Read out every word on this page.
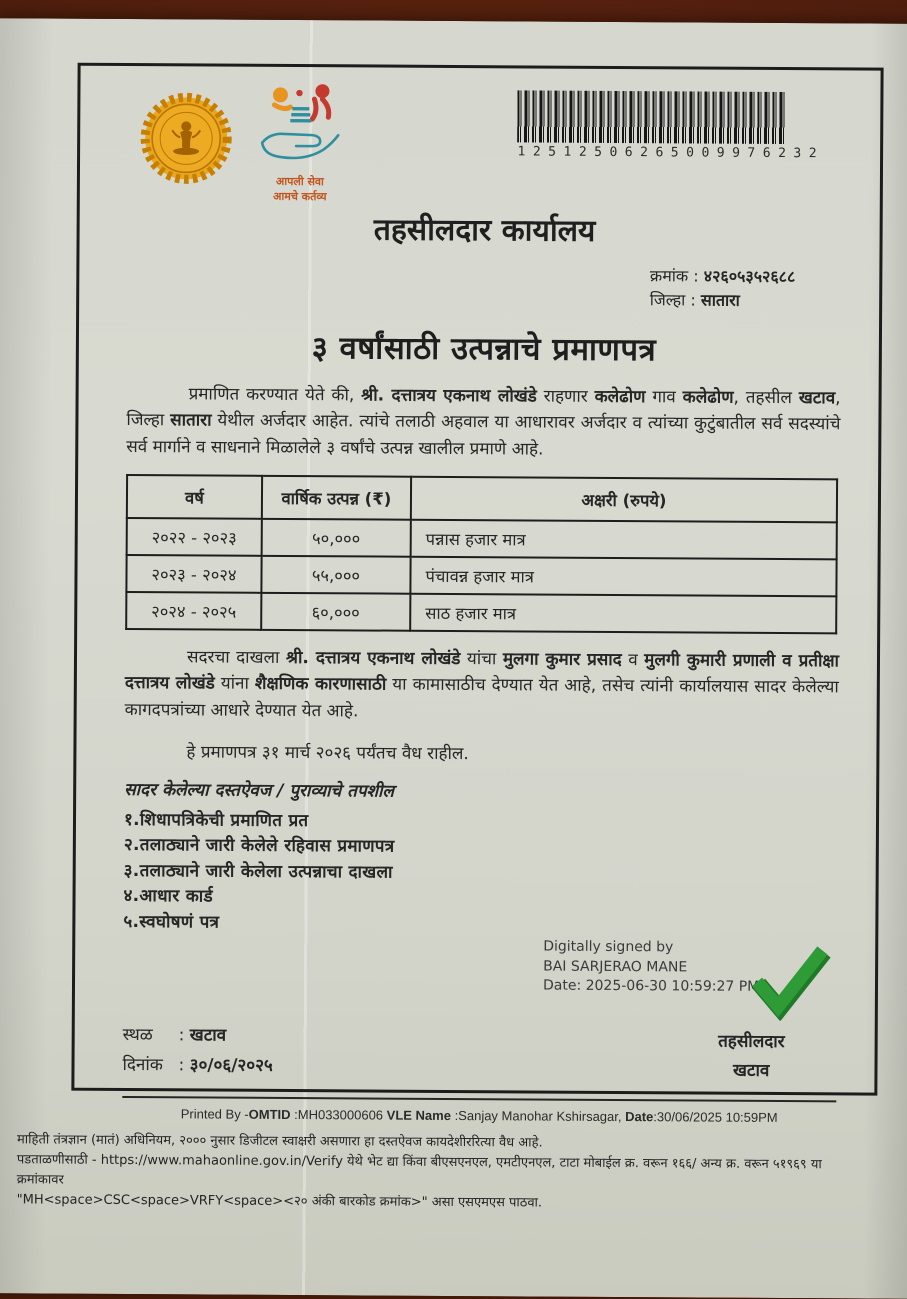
आपली सेवा
आमचे कर्तव्य
12512506265009976232
तहसीलदार कार्यालय
क्रमांक : ४२६०५३५२६८८
जिल्हा : सातारा
३ वर्षांसाठी उत्पन्नाचे प्रमाणपत्र
प्रमाणित करण्यात येते की, श्री. दत्तात्रय एकनाथ लोखंडे राहणार कलेढोण गाव कलेढोण, तहसील खटाव, जिल्हा सातारा येथील अर्जदार आहेत. त्यांचे तलाठी अहवाल या आधारावर अर्जदार व त्यांच्या कुटुंबातील सर्व सदस्यांचे सर्व मार्गाने व साधनाने मिळालेले ३ वर्षांचे उत्पन्न खालील प्रमाणे आहे.
वर्ष	वार्षिक उत्पन्न (₹)	अक्षरी (रुपये)
२०२२ - २०२३	५०,०००	पन्नास हजार मात्र
२०२३ - २०२४	५५,०००	पंचावन्न हजार मात्र
२०२४ - २०२५	६०,०००	साठ हजार मात्र
सदरचा दाखला श्री. दत्तात्रय एकनाथ लोखंडे यांचा मुलगा कुमार प्रसाद व मुलगी कुमारी प्रणाली व प्रतीक्षा दत्तात्रय लोखंडे यांना शैक्षणिक कारणासाठी या कामासाठीच देण्यात येत आहे, तसेच त्यांनी कार्यालयास सादर केलेल्या कागदपत्रांच्या आधारे देण्यात येत आहे.
हे प्रमाणपत्र ३१ मार्च २०२६ पर्यंतच वैध राहील.
सादर केलेल्या दस्तऐवज / पुराव्याचे तपशील
१.शिधापत्रिकेची प्रमाणित प्रत
२.तलाठ्याने जारी केलेले रहिवास प्रमाणपत्र
३.तलाठ्याने जारी केलेला उत्पन्नाचा दाखला
४.आधार कार्ड
५.स्वघोषणं पत्र
Digitally signed by
BAI SARJERAO MANE
Date: 2025-06-30 10:59:27 PM
स्थळ : खटाव
दिनांक : ३०/०६/२०२५
तहसीलदार
खटाव
Printed By -OMTID :MH033000606 VLE Name :Sanjay Manohar Kshirsagar, Date:30/06/2025 10:59PM
माहिती तंत्रज्ञान (मातं) अधिनियम, २००० नुसार डिजीटल स्वाक्षरी असणारा हा दस्तऐवज कायदेशीररित्या वैध आहे.
पडताळणीसाठी - https://www.mahaonline.gov.in/Verify येथे भेट द्या किंवा बीएसएनएल, एमटीएनएल, टाटा मोबाईल क्र. वरून १६६/ अन्य क्र. वरून ५१९६९ या क्रमांकावर
"MH<space>CSC<space>VRFY<space><२० अंकी बारकोड क्रमांक>" असा एसएमएस पाठवा.
